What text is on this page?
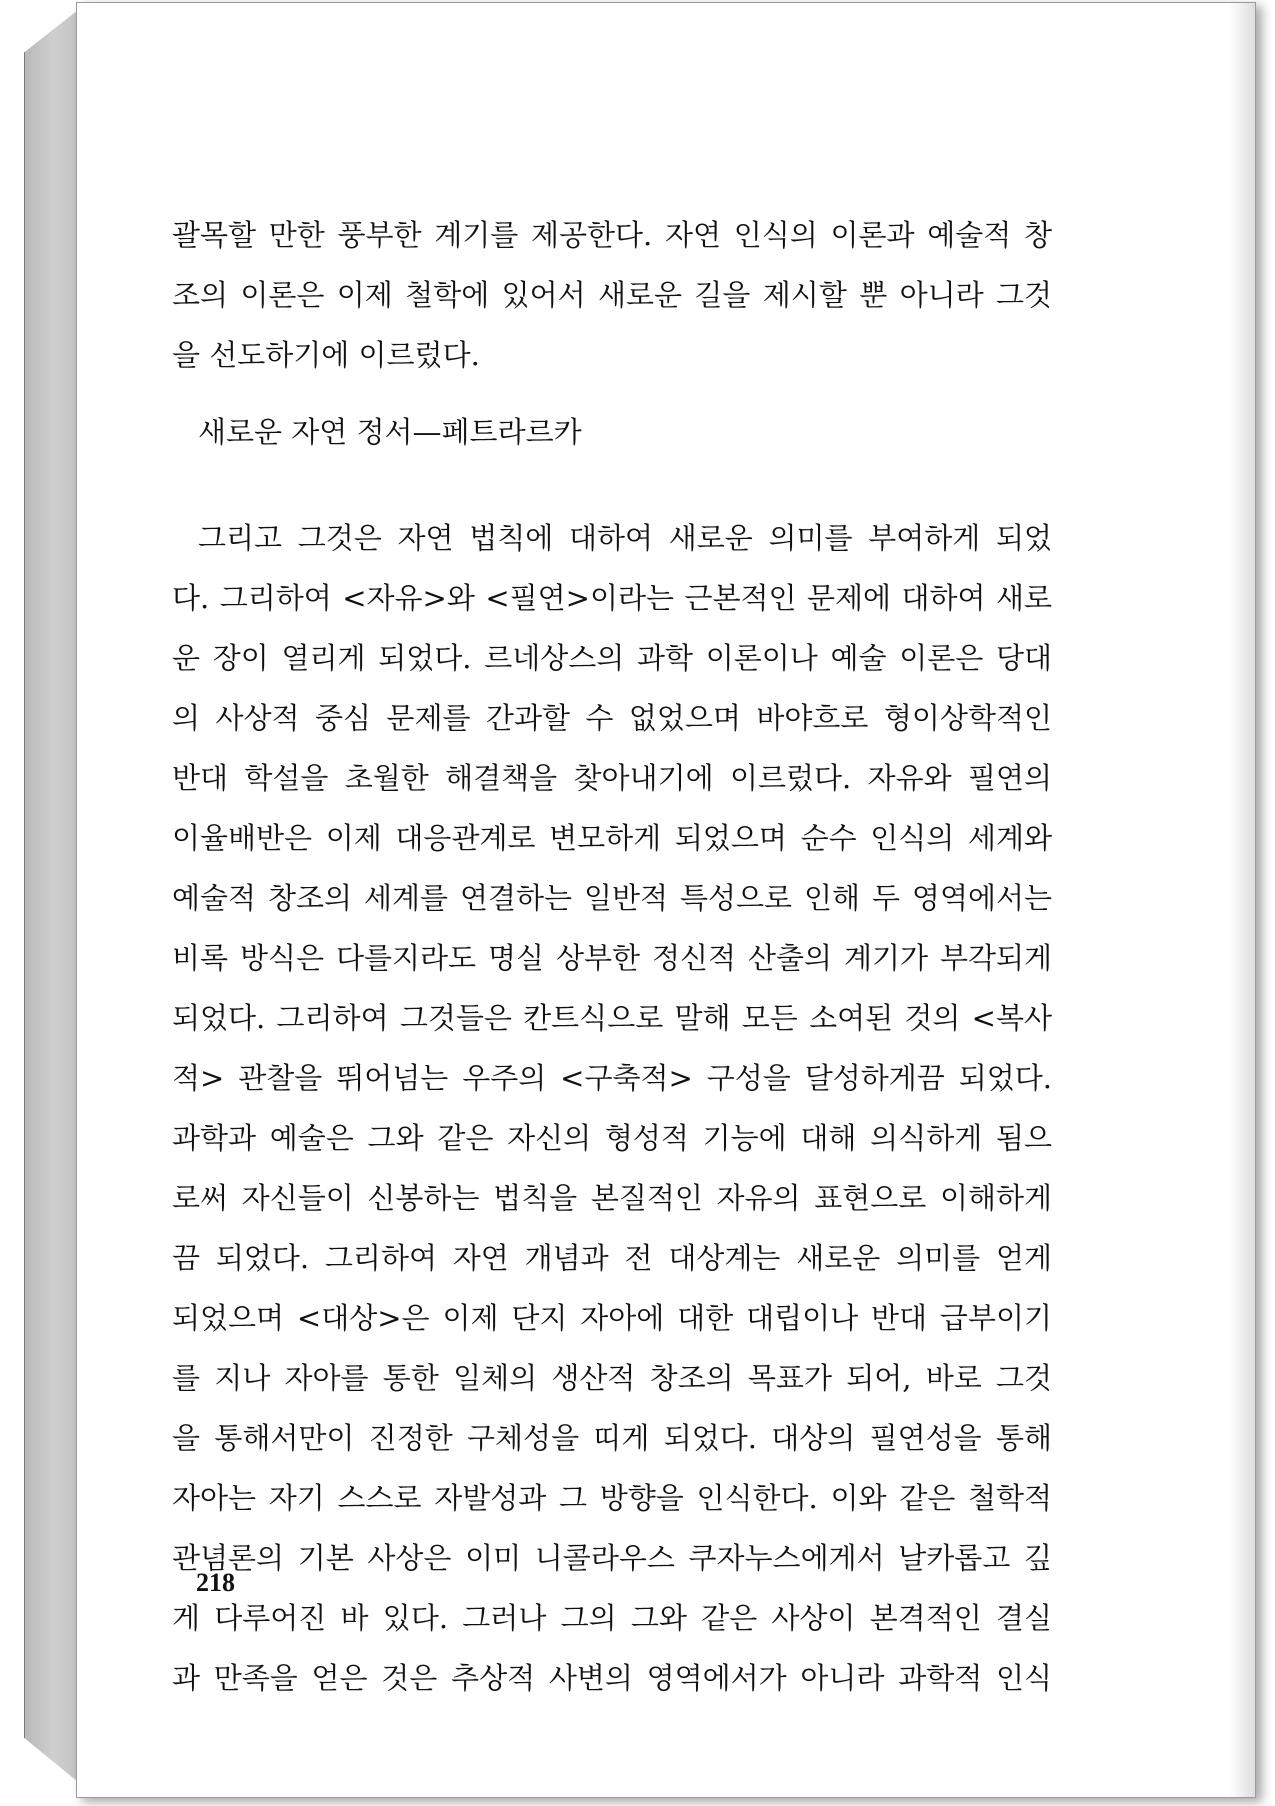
괄목할 만한 풍부한 계기를 제공한다. 자연 인식의 이론과 예술적 창
조의 이론은 이제 철학에 있어서 새로운 길을 제시할 뿐 아니라 그것
을 선도하기에 이르렀다.
새로운 자연 정서—페트라르카
그리고 그것은 자연 법칙에 대하여 새로운 의미를 부여하게 되었
다. 그리하여 <자유>와 <필연>이라는 근본적인 문제에 대하여 새로
운 장이 열리게 되었다. 르네상스의 과학 이론이나 예술 이론은 당대
의 사상적 중심 문제를 간과할 수 없었으며 바야흐로 형이상학적인
반대 학설을 초월한 해결책을 찾아내기에 이르렀다. 자유와 필연의
이율배반은 이제 대응관계로 변모하게 되었으며 순수 인식의 세계와
예술적 창조의 세계를 연결하는 일반적 특성으로 인해 두 영역에서는
비록 방식은 다를지라도 명실 상부한 정신적 산출의 계기가 부각되게
되었다. 그리하여 그것들은 칸트식으로 말해 모든 소여된 것의 <복사
적> 관찰을 뛰어넘는 우주의 <구축적> 구성을 달성하게끔 되었다.
과학과 예술은 그와 같은 자신의 형성적 기능에 대해 의식하게 됨으
로써 자신들이 신봉하는 법칙을 본질적인 자유의 표현으로 이해하게
끔 되었다. 그리하여 자연 개념과 전 대상계는 새로운 의미를 얻게
되었으며 <대상>은 이제 단지 자아에 대한 대립이나 반대 급부이기
를 지나 자아를 통한 일체의 생산적 창조의 목표가 되어, 바로 그것
을 통해서만이 진정한 구체성을 띠게 되었다. 대상의 필연성을 통해
자아는 자기 스스로 자발성과 그 방향을 인식한다. 이와 같은 철학적
관념론의 기본 사상은 이미 니콜라우스 쿠자누스에게서 날카롭고 깊
게 다루어진 바 있다. 그러나 그의 그와 같은 사상이 본격적인 결실
과 만족을 얻은 것은 추상적 사변의 영역에서가 아니라 과학적 인식
218
